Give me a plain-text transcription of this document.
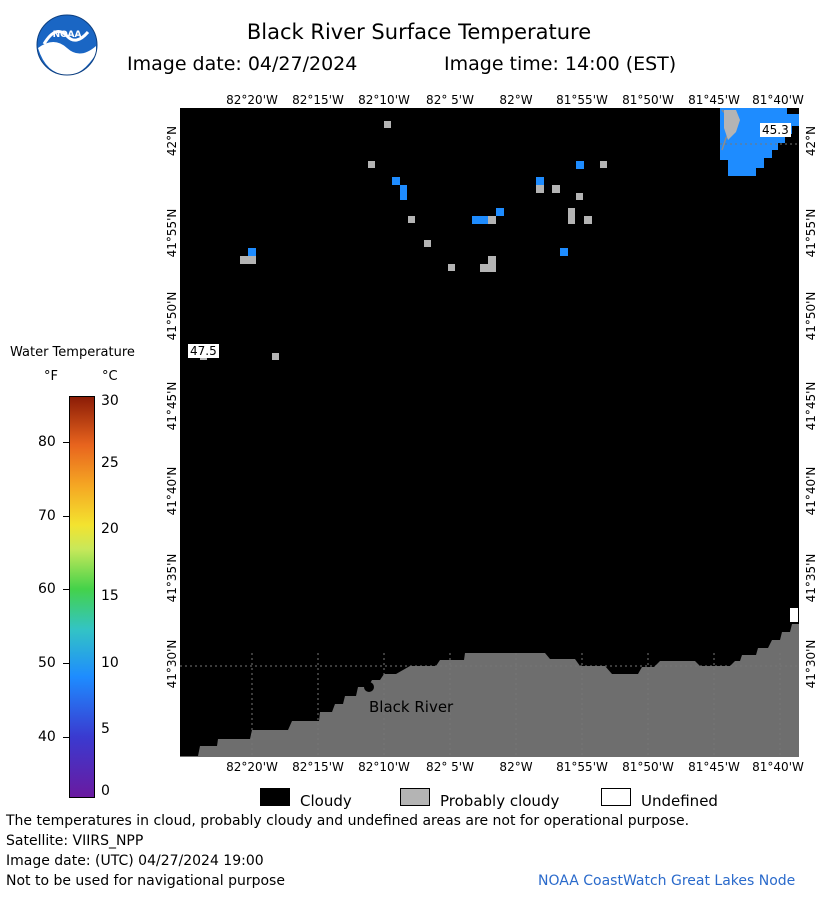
NOAA	Black River Surface Temperature
Image date: 04/27/2024	Image time: 14:00 (EST)
Black River
47.5
45.3
82°20'W 82°15'W 82°10'W 82° 5'W 82°W 81°55'W 81°50'W 81°45'W 81°40'W
82°20'W 82°15'W 82°10'W 82° 5'W 82°W 81°55'W 81°50'W 81°45'W 81°40'W
42°N
41°55'N
41°50'N
41°45'N
41°40'N
41°35'N
41°30'N
42°N
41°55'N
41°50'N
41°45'N
41°40'N
41°35'N
41°30'N
Water Temperature
°F	°C
80
70
60
50
40
30
25
20
15
10
5
0
Cloudy	Probably cloudy	Undefined
The temperatures in cloud, probably cloudy and undefined areas are not for operational purpose.
Satellite: VIIRS_NPP
Image date: (UTC) 04/27/2024 19:00
Not to be used for navigational purpose	NOAA CoastWatch Great Lakes Node
